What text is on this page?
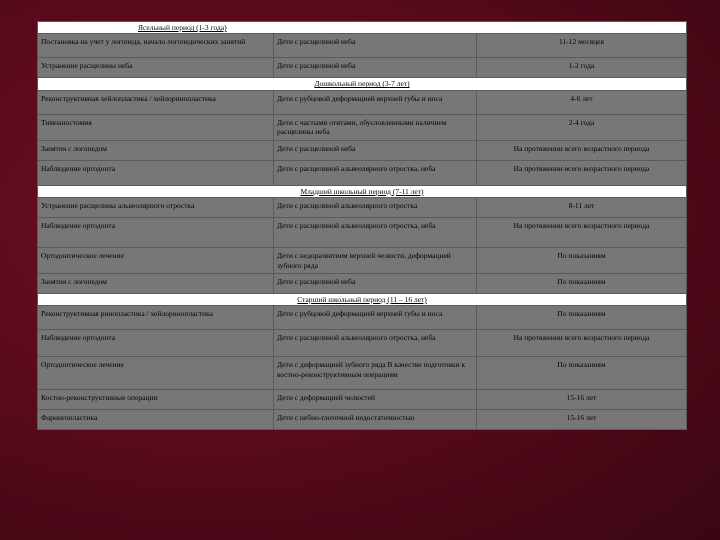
Ясельный период (1-3 года)		
Постановка на учет у логопеда, начало логопедических занятий	Дети с расщелиной неба	11-12 месяцев
Устранение расщелины неба	Дети с расщелиной неба	1-2 года
Дошкольный период (3-7 лет)		
Реконструктивная хейлопластика / хейлоринопластика	Дети с рубцовой деформацией верхней губы и носа	4-6 лет
Тимпаностомия	Дети с частыми отитами, обусловленными наличием расщелины неба	2-4 года
Занятия с логопедом	Дети с расщелиной неба	На протяжении всего возрастного периода
Наблюдение ортодонта	Дети с расщелиной альвеолярного отростка, неба	На протяжении всего возрастного периода
Младший школьный период (7-11 лет)		
Устранение расщелины альвеолярного отростка	Дети с расщелиной альвеолярного отростка	8-11 лет
Наблюдение ортодонта	Дети с расщелиной альвеолярного отростка, неба	На протяжении всего возрастного периода
Ортодонтическое лечение	Дети с недоразвитием верхней челюсти, деформацией зубного ряда	По показаниям
Занятия с логопедом	Дети с расщелиной неба	По показаниям
Старший школьный период (11 – 16 лет)		
Реконструктивная ринопластика / хейлоринопластика	Дети с рубцовой деформацией верхней губы и носа	По показаниям
Наблюдение ортодонта	Дети с расщелиной альвеолярного отростка, неба	На протяжении всего возрастного периода
Ортодонтическое лечение	Дети с деформацией зубного ряда В качестве подготовки к костно-реконструктивным операциям	По показаниям
Костно-реконструктивные операции	Дети с деформацией челюстей	15-16 лет
Фарингопластика	Дети с небно-глоточной недостаточностью	15-16 лет
